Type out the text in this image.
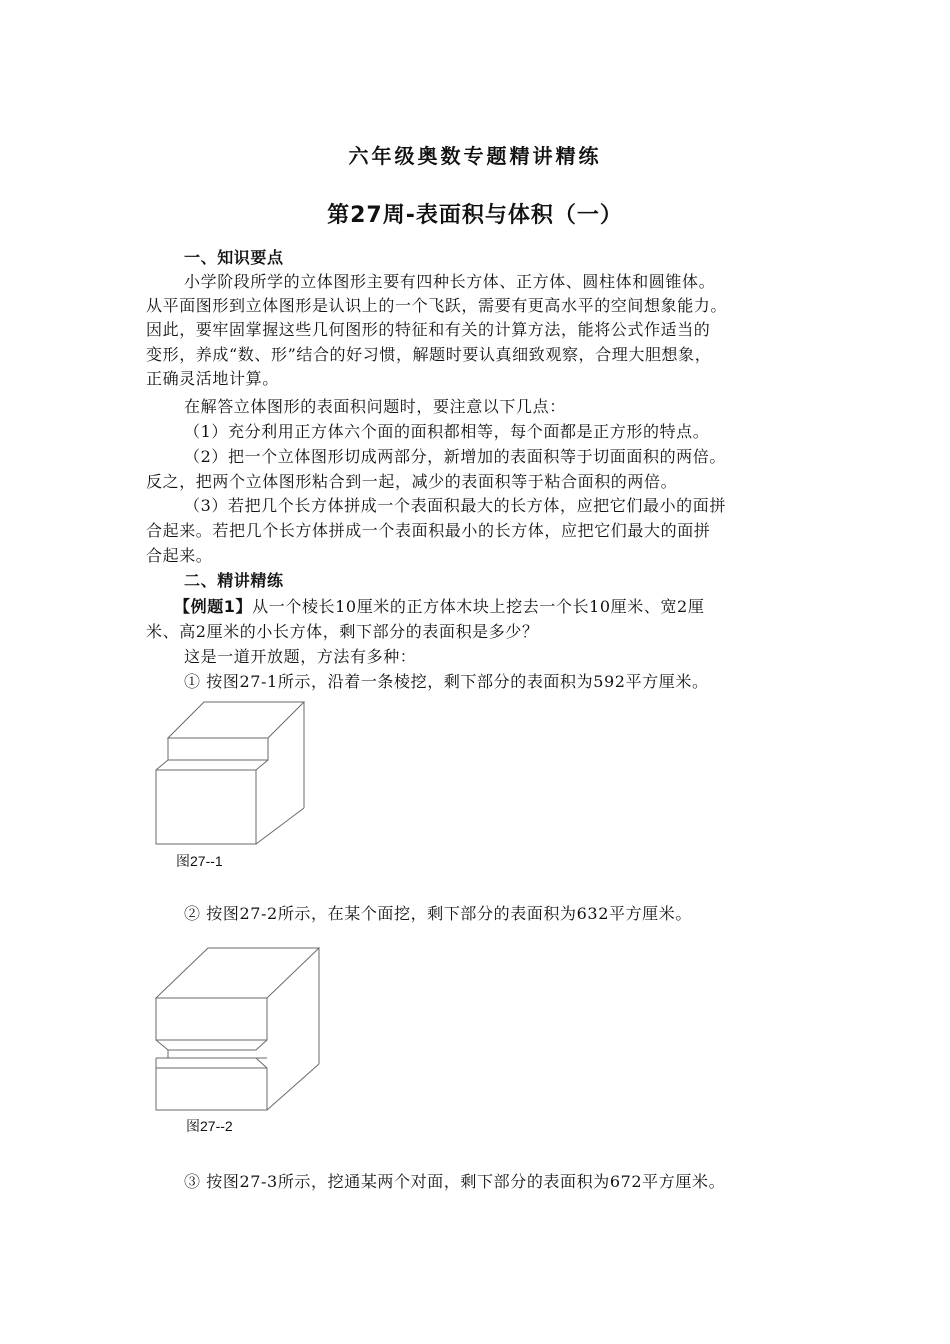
六年级奥数专题精讲精练
第27周-表面积与体积（一）
一、知识要点
小学阶段所学的立体图形主要有四种长方体、正方体、圆柱体和圆锥体。
从平面图形到立体图形是认识上的一个飞跃，需要有更高水平的空间想象能力。
因此，要牢固掌握这些几何图形的特征和有关的计算方法，能将公式作适当的
变形，养成“数、形”结合的好习惯，解题时要认真细致观察，合理大胆想象，
正确灵活地计算。
在解答立体图形的表面积问题时，要注意以下几点：
（1）充分利用正方体六个面的面积都相等，每个面都是正方形的特点。
（2）把一个立体图形切成两部分，新增加的表面积等于切面面积的两倍。
反之，把两个立体图形粘合到一起，减少的表面积等于粘合面积的两倍。
（3）若把几个长方体拼成一个表面积最大的长方体，应把它们最小的面拼
合起来。若把几个长方体拼成一个表面积最小的长方体，应把它们最大的面拼
合起来。
二、精讲精练
【例题1】从一个棱长10厘米的正方体木块上挖去一个长10厘米、宽2厘
米、高2厘米的小长方体，剩下部分的表面积是多少？
这是一道开放题，方法有多种：
① 按图27-1所示，沿着一条棱挖，剩下部分的表面积为592平方厘米。
图27--1
② 按图27-2所示，在某个面挖，剩下部分的表面积为632平方厘米。
图27--2
③ 按图27-3所示，挖通某两个对面，剩下部分的表面积为672平方厘米。
